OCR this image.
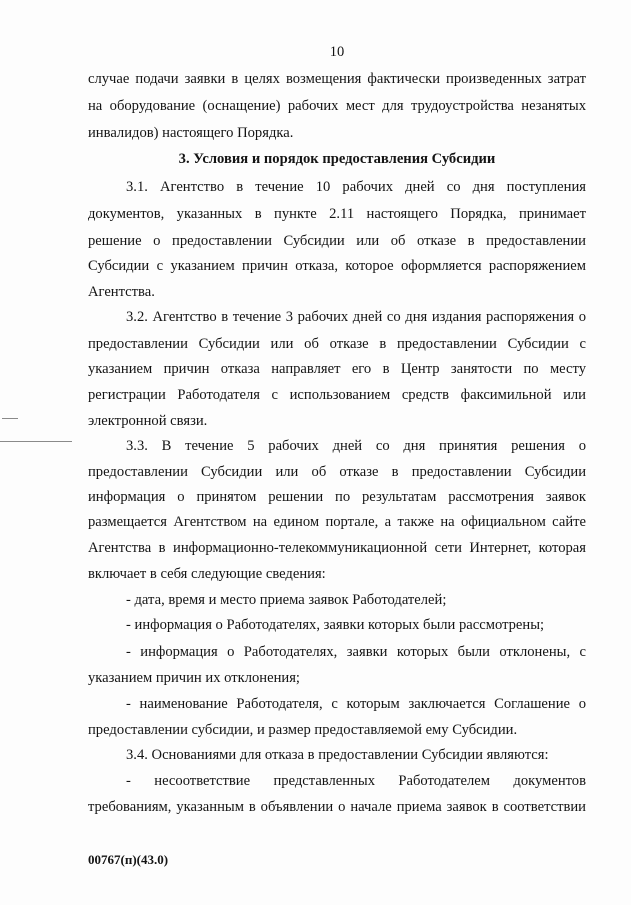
10
случае подачи заявки в целях возмещения фактически произведенных затрат
на оборудование (оснащение) рабочих мест для трудоустройства незанятых
инвалидов) настоящего Порядка.
3. Условия и порядок предоставления Субсидии
3.1. Агентство в течение 10 рабочих дней со дня поступления
документов, указанных в пункте 2.11 настоящего Порядка, принимает
решение о предоставлении Субсидии или об отказе в предоставлении
Субсидии с указанием причин отказа, которое оформляется распоряжением
Агентства.
3.2. Агентство в течение 3 рабочих дней со дня издания распоряжения о
предоставлении Субсидии или об отказе в предоставлении Субсидии с
указанием причин отказа направляет его в Центр занятости по месту
регистрации Работодателя с использованием средств факсимильной или
электронной связи.
3.3. В течение 5 рабочих дней со дня принятия решения о
предоставлении Субсидии или об отказе в предоставлении Субсидии
информация о принятом решении по результатам рассмотрения заявок
размещается Агентством на едином портале, а также на официальном сайте
Агентства в информационно-телекоммуникационной сети Интернет, которая
включает в себя следующие сведения:
- дата, время и место приема заявок Работодателей;
- информация о Работодателях, заявки которых были рассмотрены;
- информация о Работодателях, заявки которых были отклонены, с
указанием причин их отклонения;
- наименование Работодателя, с которым заключается Соглашение о
предоставлении субсидии, и размер предоставляемой ему Субсидии.
3.4. Основаниями для отказа в предоставлении Субсидии являются:
- несоответствие представленных Работодателем документов
требованиям, указанным в объявлении о начале приема заявок в соответствии
00767(п)(43.0)
